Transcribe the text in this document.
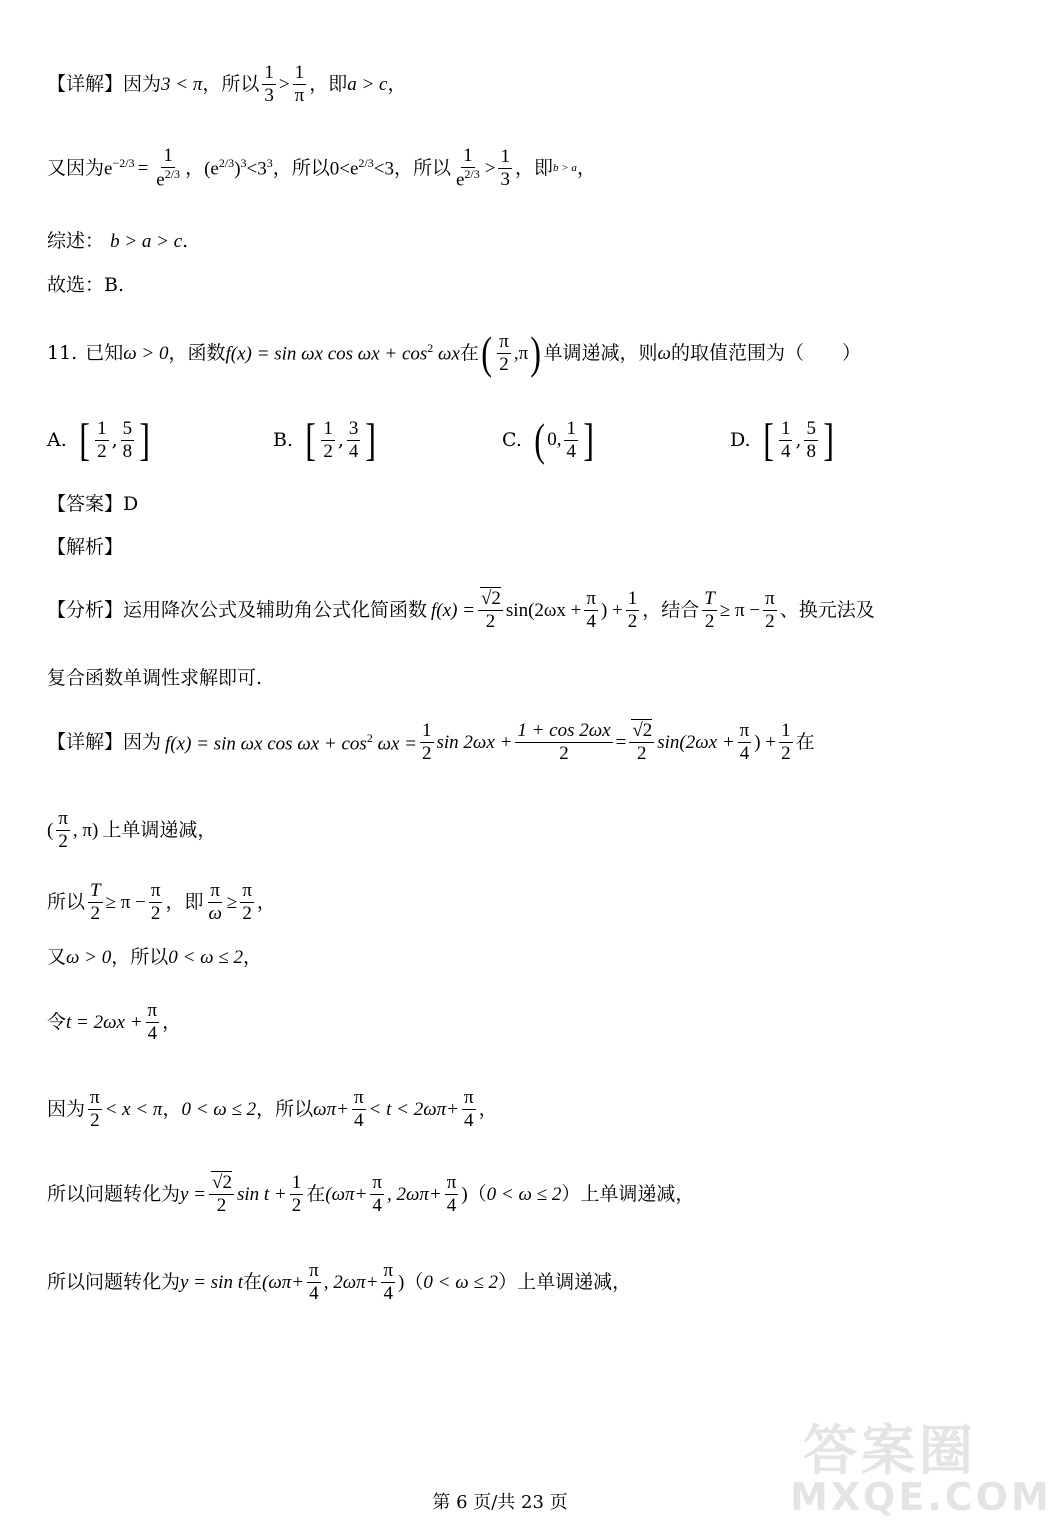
【详解】 因为 3 < π ，所以 $\frac{1}{3} > \frac{1}{\pi}$ ，即 a > c ，
又因为 $e^{-2/3} = \frac{1}{e^{2/3}}$ ， $(e^{2/3})^3<3^3$ ，所以 $0<e^{2/3}<3$ ，所以 $\frac{1}{e^{2/3}} > \frac{1}{3}$ ，即 b > a ，
综述： b > a > c.
故选：B.
11. 已知 ω > 0 ，函数 f(x) = sin ωx $\cos \omega x + \cos^2 \omega x$ 在 ( $\frac{\pi}{2} ,\pi$ ) 单调递减，则 ω 的取值范围为（　　）
A. [ $\frac{1}{2}$ , $\frac{5}{8}$ ]	B. [ $\frac{1}{2}$ , $\frac{3}{4}$ ]	C. ( 0, $\frac{1}{4}$ ]	D. [ $\frac{1}{4}$ , $\frac{5}{8}$ ]
【答案】D
【解析】
【分析】 运用降次公式及辅助角公式化简函数 $f(x) = \frac{√2}{2} \sin(2\omega x + \frac{\pi}{4}$ ) + $\frac{1}{2}$ ，结合 $\frac{T}{2} \ge \pi - \frac{\pi}{2}$ 、换元法及
复合函数单调性求解即可.
【详解】 因为 f(x) = sin ωx $\cos \omega x + \cos^2 \omega x = \frac{1}{2}$ $\sin 2\omega x + \frac{1 + \cos 2\omega x}{2} = \frac{√2}{2} \sin(2\omega x + \frac{\pi}{4}$ ) + $\frac{1}{2}$ 在
( $\frac{\pi}{2}$ , π) 上单调递减，
所以 $\frac{T}{2} \ge \pi - \frac{\pi}{2}$ ，即 $\frac{\pi}{\omega} \ge \frac{\pi}{2}$ ，
又ω > 0，所以0 < ω ≤ 2，
令 $t = 2\omega x + \frac{\pi}{4}$ ，
因为 $\frac{\pi}{2} < x < \pi$ ， 0 < ω ≤ 2 ，所以 $\omega\pi+ \frac{\pi}{4} < t < 2\omega\pi+ \frac{\pi}{4}$ ，
所以问题转化为 $y = \frac{√2}{2}$ $\sin t + \frac{1}{2}$ 在 ($\omega\pi+ \frac{\pi}{4}$ , $2\omega\pi+ \frac{\pi}{4}$ ) （ 0 < ω ≤ 2 ）上单调递减，
所以问题转化为 y = sin t 在 ($\omega\pi+ \frac{\pi}{4}$ , $2\omega\pi+ \frac{\pi}{4}$ ) （ 0 < ω ≤ 2 ）上单调递减，
第 6 页/共 23 页
答案圈
MXQE.COM
